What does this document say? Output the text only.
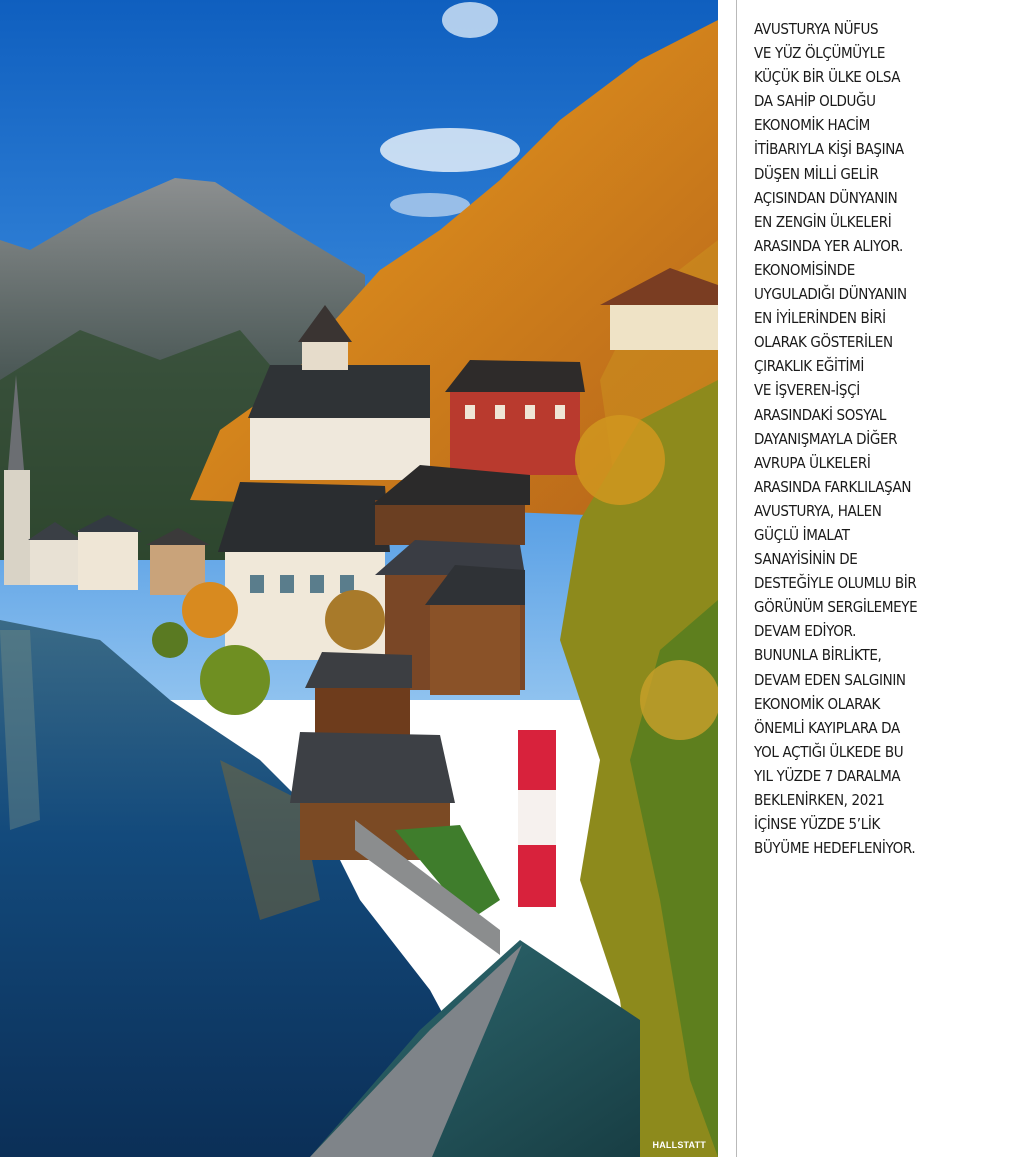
HALLSTATT
AVUSTURYA NÜFUS
VE YÜZ ÖLÇÜMÜYLE
KÜÇÜK BİR ÜLKE OLSA
DA SAHİP OLDUĞU
EKONOMİK HACİM
İTİBARIYLA KİŞİ BAŞINA
DÜŞEN MİLLİ GELİR
AÇISINDAN DÜNYANIN
EN ZENGİN ÜLKELERİ
ARASINDA YER ALIYOR.
EKONOMİSİNDE
UYGULADIĞI DÜNYANIN
EN İYİLERİNDEN BİRİ
OLARAK GÖSTERİLEN
ÇIRAKLIK EĞİTİMİ
VE İŞVEREN-İŞÇİ
ARASINDAKİ SOSYAL
DAYANIŞMAYLA DİĞER
AVRUPA ÜLKELERİ
ARASINDA FARKLILAŞAN
AVUSTURYA, HALEN
GÜÇLÜ İMALAT
SANAYİSİNİN DE
DESTEĞİYLE OLUMLU BİR
GÖRÜNÜM SERGİLEMEYE
DEVAM EDİYOR.
BUNUNLA BİRLİKTE,
DEVAM EDEN SALGININ
EKONOMİK OLARAK
ÖNEMLİ KAYIPLARA DA
YOL AÇTIĞI ÜLKEDE BU
YIL YÜZDE 7 DARALMA
BEKLENİRKEN, 2021
İÇİNSE YÜZDE 5’LİK
BÜYÜME HEDEFLENİYOR.
